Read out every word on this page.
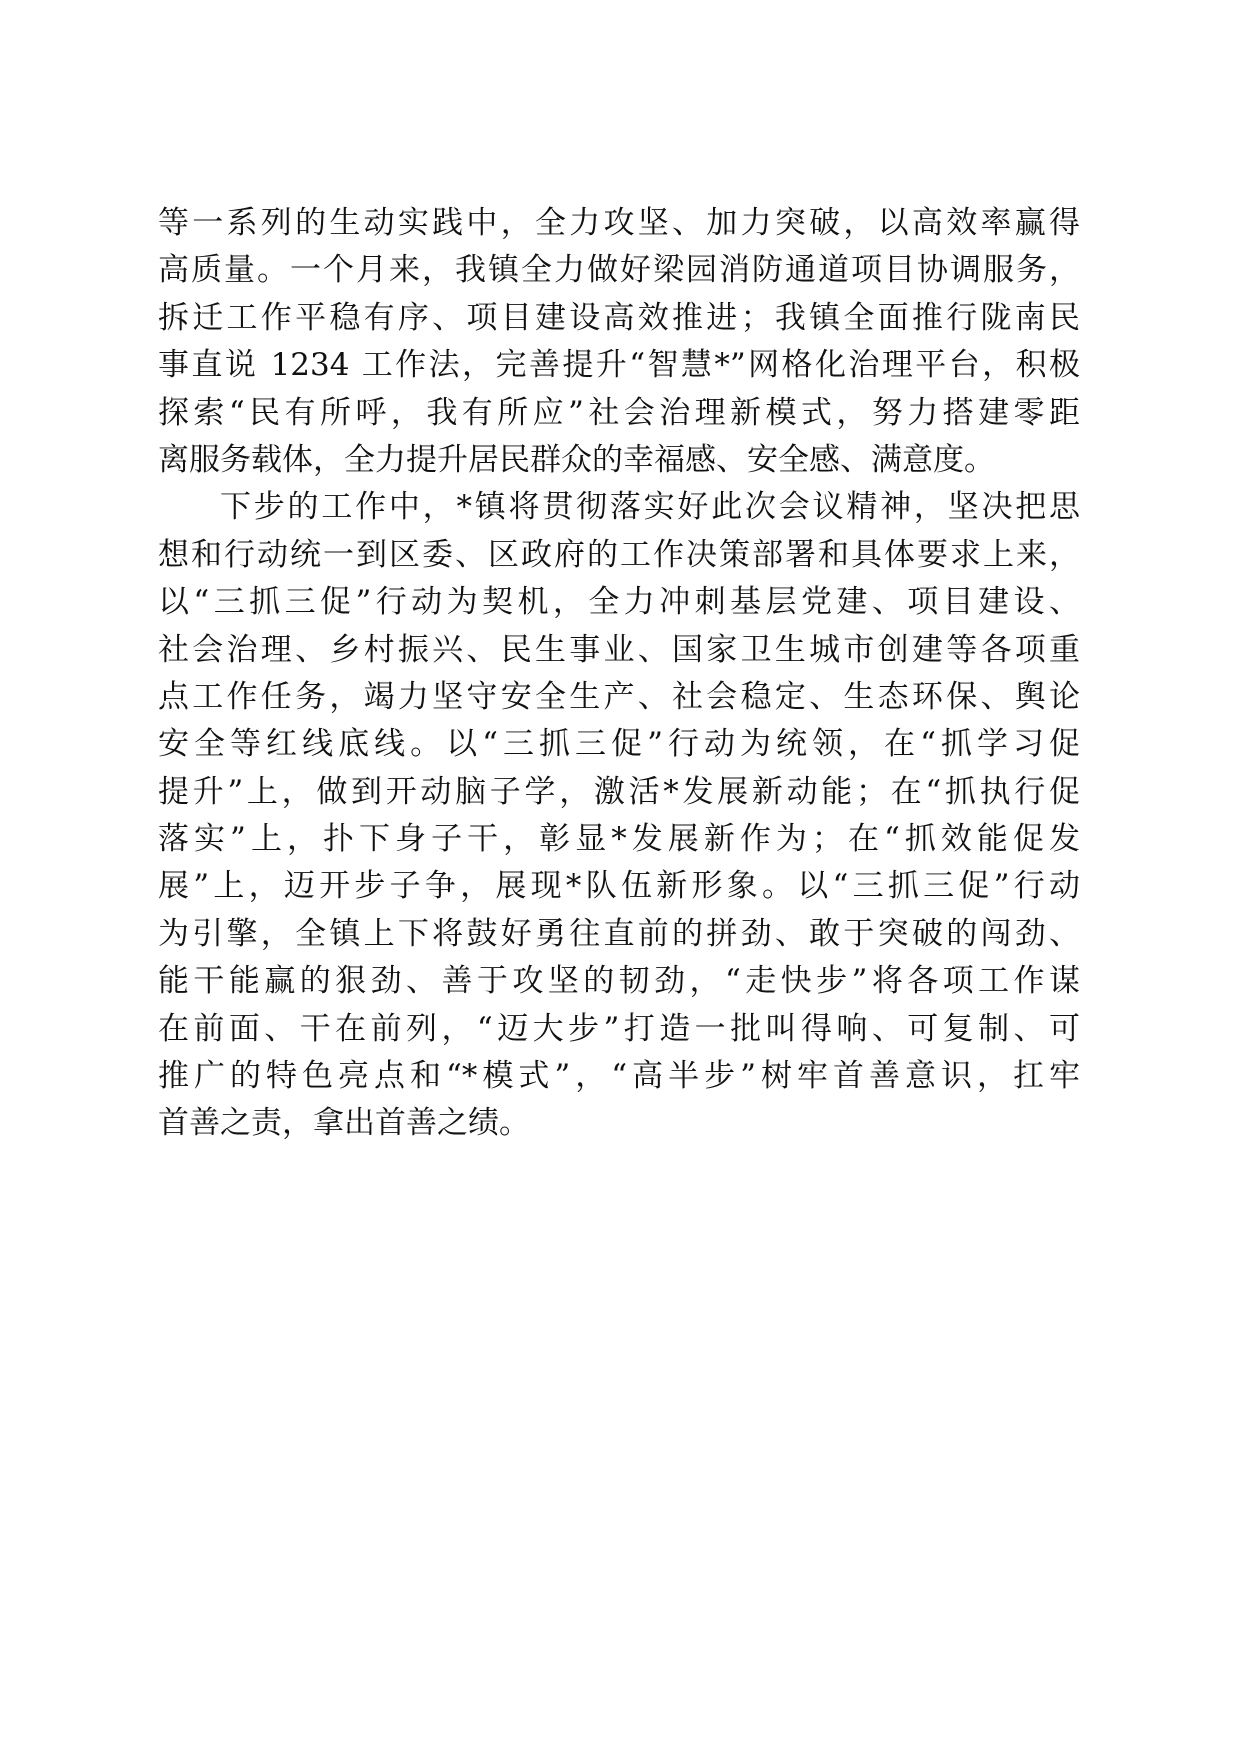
等一系列的生动实践中，全力攻坚、加力突破，以高效率赢得
高质量。一个月来，我镇全力做好梁园消防通道项目协调服务，
拆迁工作平稳有序、项目建设高效推进；我镇全面推行陇南民
事直说 1234 工作法，完善提升“智慧*”网格化治理平台，积极
探索“民有所呼，我有所应”社会治理新模式，努力搭建零距
离服务载体，全力提升居民群众的幸福感、安全感、满意度。
下步的工作中，*镇将贯彻落实好此次会议精神，坚决把思
想和行动统一到区委、区政府的工作决策部署和具体要求上来，
以“三抓三促”行动为契机，全力冲刺基层党建、项目建设、
社会治理、乡村振兴、民生事业、国家卫生城市创建等各项重
点工作任务，竭力坚守安全生产、社会稳定、生态环保、舆论
安全等红线底线。以“三抓三促”行动为统领，在“抓学习促
提升”上，做到开动脑子学，激活*发展新动能；在“抓执行促
落实”上，扑下身子干，彰显*发展新作为；在“抓效能促发
展”上，迈开步子争，展现*队伍新形象。以“三抓三促”行动
为引擎，全镇上下将鼓好勇往直前的拼劲、敢于突破的闯劲、
能干能赢的狠劲、善于攻坚的韧劲，“走快步”将各项工作谋
在前面、干在前列，“迈大步”打造一批叫得响、可复制、可
推广的特色亮点和“*模式”，“高半步”树牢首善意识，扛牢
首善之责，拿出首善之绩。
